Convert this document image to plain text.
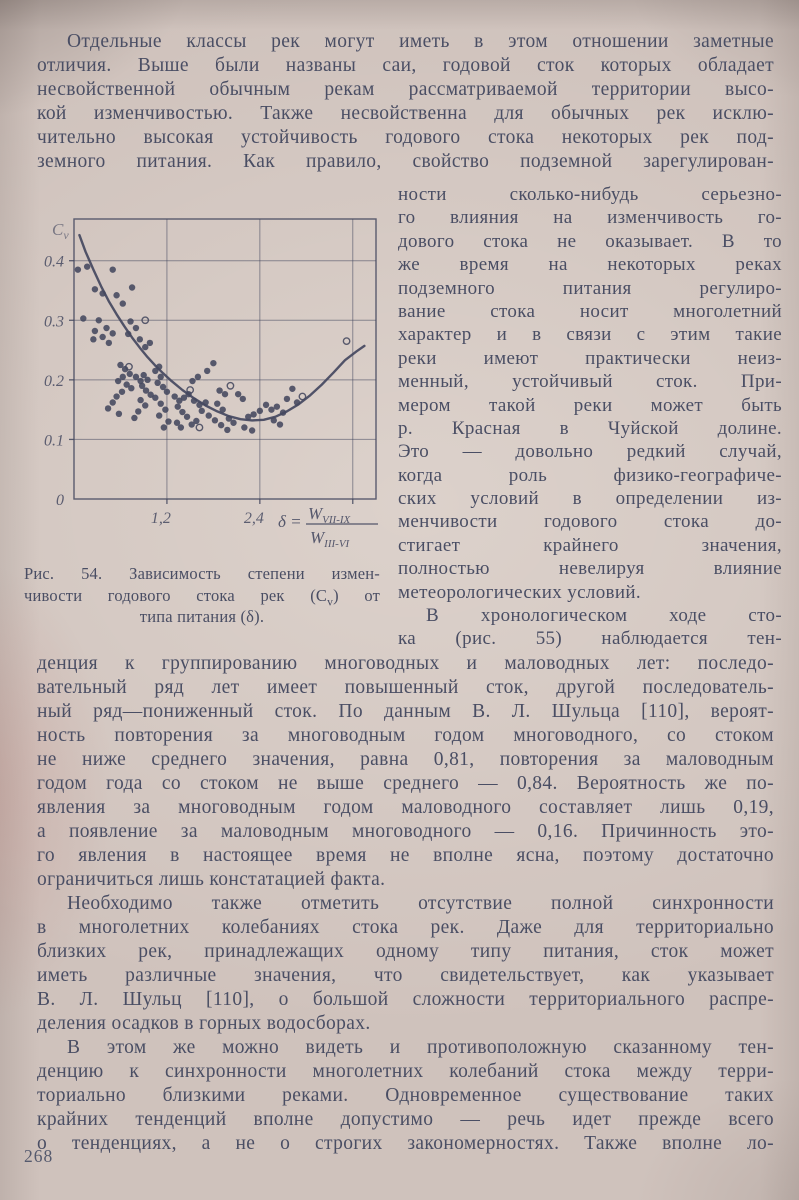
Отдельные классы рек могут иметь в этом отношении заметные
отличия. Выше были названы саи, годовой сток которых обладает
несвойственной обычным рекам рассматриваемой территории высо-
кой изменчивостью. Также несвойственна для обычных рек исклю-
чительно высокая устойчивость годового стока некоторых рек под-
земного питания. Как правило, свойство подземной зарегулирован-
0
0.1
0.2
0.3
0.4
1,2	2,4
$C_v$
$\delta = W_{VII-IX}$
$W_{III-VI}$
Рис. 54. Зависимость степени измен-
чивости годового стока рек $(C_v)$ от
типа питания (δ).
ности сколько-нибудь серьезно-
го влияния на изменчивость го-
дового стока не оказывает. В то
же время на некоторых реках
подземного питания регулиро-
вание стока носит многолетний
характер и в связи с этим такие
реки имеют практически неиз-
менный, устойчивый сток. При-
мером такой реки может быть
р. Красная в Чуйской долине.
Это — довольно редкий случай,
когда роль физико-географиче-
ских условий в определении из-
менчивости годового стока до-
стигает крайнего значения,
полностью невелируя влияние
метеорологических условий.
В хронологическом ходе сто-
ка (рис. 55) наблюдается тен-
денция к группированию многоводных и маловодных лет: последо-
вательный ряд лет имеет повышенный сток, другой последователь-
ный ряд—пониженный сток. По данным В. Л. Шульца [110], вероят-
ность повторения за многоводным годом многоводного, со стоком
не ниже среднего значения, равна 0,81, повторения за маловодным
годом года со стоком не выше среднего — 0,84. Вероятность же по-
явления за многоводным годом маловодного составляет лишь 0,19,
а появление за маловодным многоводного — 0,16. Причинность это-
го явления в настоящее время не вполне ясна, поэтому достаточно
ограничиться лишь констатацией факта.
Необходимо также отметить отсутствие полной синхронности
в многолетних колебаниях стока рек. Даже для территориально
близких рек, принадлежащих одному типу питания, сток может
иметь различные значения, что свидетельствует, как указывает
В. Л. Шульц [110], о большой сложности территориального распре-
деления осадков в горных водосборах.
В этом же можно видеть и противоположную сказанному тен-
денцию к синхронности многолетних колебаний стока между терри-
ториально близкими реками. Одновременное существование таких
крайних тенденций вполне допустимо — речь идет прежде всего
о тенденциях, а не о строгих закономерностях. Также вполне ло-
268
